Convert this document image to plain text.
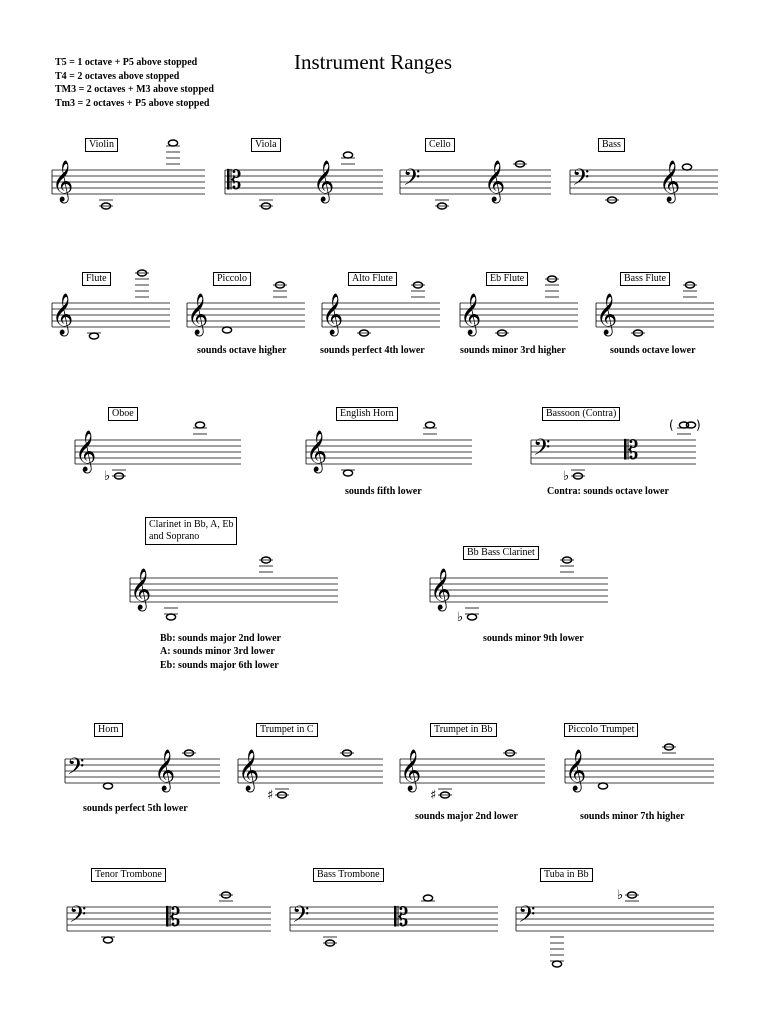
Instrument Ranges
T5 = 1 octave + P5 above stopped
T4 = 2 octaves above stopped
TM3 = 2 octaves + M3 above stopped
Tm3 = 2 octaves + P5 above stopped
Violin	Viola	Cello	Bass
Flute	Piccolo	Alto Flute	Eb Flute	Bass Flute
Oboe	English Horn	Bassoon (Contra)
Clarinet in Bb, A, Eb
and Soprano
Bb Bass Clarinet
Horn	Trumpet in C	Trumpet in Bb	Piccolo Trumpet
Tenor Trombone	Bass Trombone	Tuba in Bb
sounds octave higher	sounds perfect 4th lower	sounds minor 3rd higher	sounds octave lower
sounds fifth lower	Contra: sounds octave lower
Bb: sounds major 2nd lower
A: sounds minor 3rd lower
Eb: sounds major 6th lower
sounds minor 9th lower
sounds perfect 5th lower
sounds major 2nd lower	sounds minor 7th higher
𝄞	𝄡 𝄞	𝄢 𝄞 𝄢 𝄞
𝄞	𝄞	𝄞	𝄞	𝄞
𝄞
♭
𝄞	𝄢
♭
𝄡
( )
𝄞	𝄞
♭
𝄢 𝄞 𝄞
♯
𝄞
♯
𝄞
𝄢	𝄡	𝄢	𝄡	𝄢
♭
